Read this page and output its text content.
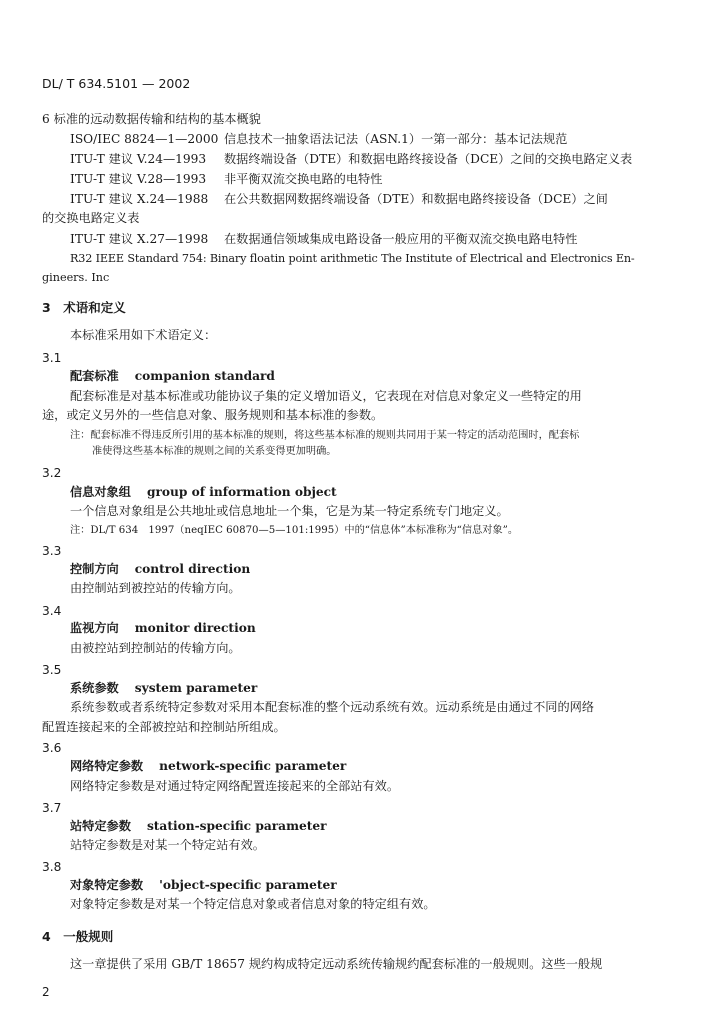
DL/ T 634.5101 — 2002
6 标准的远动数据传输和结构的基本概貌
ISO/IEC 8824—1—2000 信息技术一抽象语法记法（ASN.1）一第一部分：基本记法规范
ITU-T 建议 V.24—1993 数据终端设备（DTE）和数据电路终接设备（DCE）之间的交换电路定义表
ITU-T 建议 V.28—1993 非平衡双流交换电路的电特性
ITU-T 建议 X.24—1988 在公共数据网数据终端设备（DTE）和数据电路终接设备（DCE）之间
的交换电路定义表
ITU-T 建议 X.27—1998 在数据通信领域集成电路设备一般应用的平衡双流交换电路电特性
R32 IEEE Standard 754: Binary floatin point arithmetic The Institute of Electrical and Electronics En-
gineers. Inc
3　术语和定义
本标准采用如下术语定义：
3.1
配套标准 companion standard
配套标准是对基本标准或功能协议子集的定义增加语义，它表现在对信息对象定义一些特定的用
途，或定义另外的一些信息对象、服务规则和基本标准的参数。
注：配套标准不得违反所引用的基本标准的规则，将这些基本标准的规则共同用于某一特定的活动范围时，配套标
准使得这些基本标准的规则之间的关系变得更加明确。
3.2
信息对象组 group of information object
一个信息对象组是公共地址或信息地址一个集，它是为某一特定系统专门地定义。
注：DL/T 634　1997（neqIEC 60870—5—101:1995）中的“信息体”本标准称为“信息对象”。
3.3
控制方向 control direction
由控制站到被控站的传输方向。
3.4
监视方向 monitor direction
由被控站到控制站的传输方向。
3.5
系统参数 system parameter
系统参数或者系统特定参数对采用本配套标准的整个远动系统有效。远动系统是由通过不同的网络
配置连接起来的全部被控站和控制站所组成。
3.6
网络特定参数 network-specific parameter
网络特定参数是对通过特定网络配置连接起来的全部站有效。
3.7
站特定参数 station-specific parameter
站特定参数是对某一个特定站有效。
3.8
对象特定参数 'object-specific parameter
对象特定参数是对某一个特定信息对象或者信息对象的特定组有效。
4　一般规则
这一章提供了采用 GB/T 18657 规约构成特定远动系统传输规约配套标准的一般规则。这些一般规
2
